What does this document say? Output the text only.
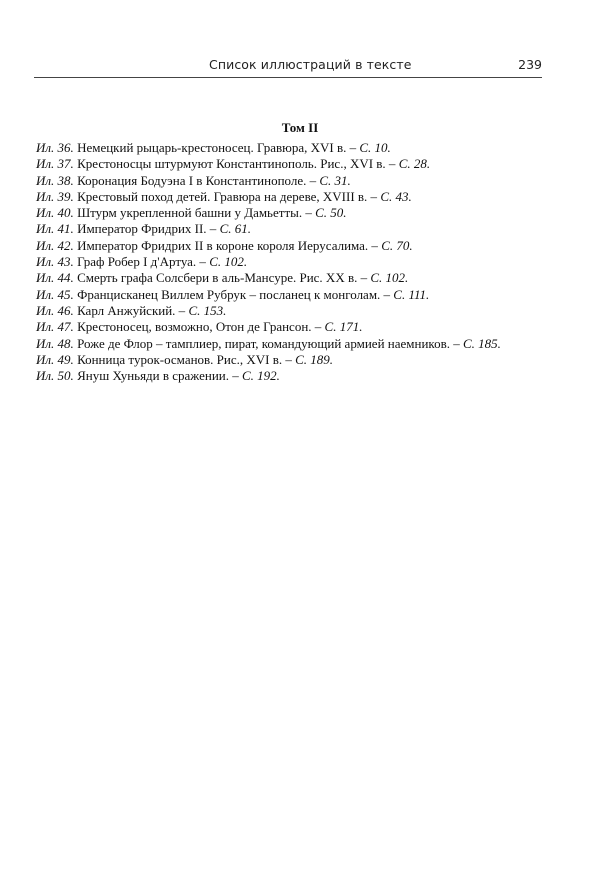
Список иллюстраций в тексте	239
Том II
Ил. 36. Немецкий рыцарь-крестоносец. Гравюра, XVI в. – С. 10.
Ил. 37. Крестоносцы штурмуют Константинополь. Рис., XVI в. – С. 28.
Ил. 38. Коронация Бодуэна I в Константинополе. – С. 31.
Ил. 39. Крестовый поход детей. Гравюра на дереве, XVIII в. – С. 43.
Ил. 40. Штурм укрепленной башни у Дамьетты. – С. 50.
Ил. 41. Император Фридрих II. – С. 61.
Ил. 42. Император Фридрих II в короне короля Иерусалима. – С. 70.
Ил. 43. Граф Робер I д'Артуа. – С. 102.
Ил. 44. Смерть графа Солсбери в аль-Мансуре. Рис. XX в. – С. 102.
Ил. 45. Францисканец Виллем Рубрук – посланец к монголам. – С. 111.
Ил. 46. Карл Анжуйский. – С. 153.
Ил. 47. Крестоносец, возможно, Отон де Грансон. – С. 171.
Ил. 48. Роже де Флор – тамплиер, пират, командующий армией наемников. – С. 185.
Ил. 49. Конница турок-османов. Рис., XVI в. – С. 189.
Ил. 50. Януш Хуньяди в сражении. – С. 192.
